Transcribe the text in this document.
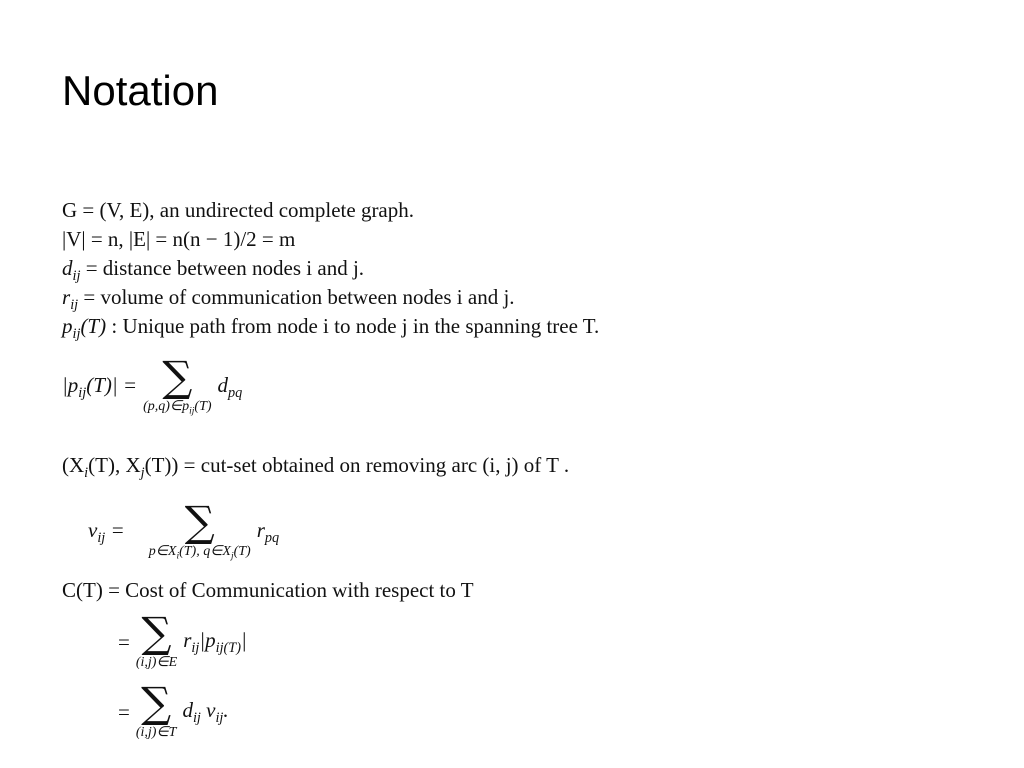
Notation
G = (V, E), an undirected complete graph.
|V| = n, |E| = n(n − 1)/2 = m
$d_{ij}$ = distance between nodes i and j.
$r_{ij}$ = volume of communication between nodes i and j.
$p_{ij}(T)$ : Unique path from node i to node j in the spanning tree T.
$|p_{ij}(T)|$ = ∑
$(p,q)\in p_{ij}(T)$
$d_{pq}$
($X_i(T)$, $X_j(T)) = cut-set$ obtained on removing arc (i, j) of T .
$v_{ij}$ = ∑
$p\in X_i(T)$, $q\in X_j(T)$
$r_{pq}$
C(T) = Cost of Communication with respect to T
= ∑
(i,j)∈E
$r_{ij}|p_{ij(T)}|$
= ∑
(i,j)∈T
$d_{ij}$ $v_{ij}$.
